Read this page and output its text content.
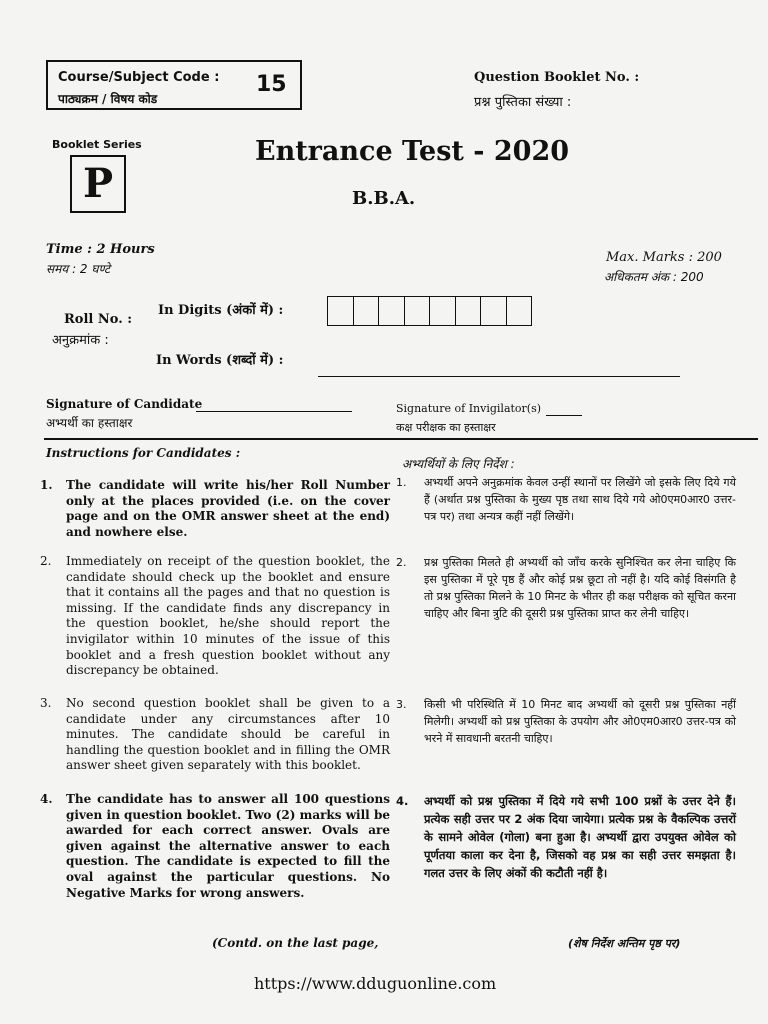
Course/Subject Code :
पाठ्यक्रम / विषय कोड
15	Question Booklet No. :
प्रश्न पुस्तिका संख्या :
Booklet Series
P
Entrance Test - 2020
B.B.A.
Time : 2 Hours
समय : 2 घण्टे
Max. Marks : 200
अधिकतम अंक : 200
Roll No. :
अनुक्रमांक :
In Digits (अंकों में) :
In Words (शब्दों में) :
Signature of Candidate
अभ्यर्थी का हस्ताक्षर
Signature of Invigilator(s)
कक्ष परीक्षक का हस्ताक्षर
Instructions for Candidates :
अभ्यर्थियों के लिए निर्देश :
1. The candidate will write his/her Roll Number only at the places provided (i.e. on the cover page and on the OMR answer sheet at the end) and nowhere else.
2. Immediately on receipt of the question booklet, the candidate should check up the booklet and ensure that it contains all the pages and that no question is missing. If the candidate finds any discrepancy in the question booklet, he/she should report the invigilator within 10 minutes of the issue of this booklet and a fresh question booklet without any discrepancy be obtained.
3. No second question booklet shall be given to a candidate under any circumstances after 10 minutes. The candidate should be careful in handling the question booklet and in filling the OMR answer sheet given separately with this booklet.
4. The candidate has to answer all 100 questions given in question booklet. Two (2) marks will be awarded for each correct answer. Ovals are given against the alternative answer to each question. The candidate is expected to fill the oval against the particular questions. No Negative Marks for wrong answers.
1. अभ्यर्थी अपने अनुक्रमांक केवल उन्हीं स्थानों पर लिखेंगे जो इसके लिए दिये गये हैं (अर्थात प्रश्न पुस्तिका के मुख्य पृष्ठ तथा साथ दिये गये ओ0एम0आर0 उत्तर-पत्र पर) तथा अन्यत्र कहीं नहीं लिखेंगे।
2. प्रश्न पुस्तिका मिलते ही अभ्यर्थी को जाँच करके सुनिश्चित कर लेना चाहिए कि इस पुस्तिका में पूरे पृष्ठ हैं और कोई प्रश्न छूटा तो नहीं है। यदि कोई विसंगति है तो प्रश्न पुस्तिका मिलने के 10 मिनट के भीतर ही कक्ष परीक्षक को सूचित करना चाहिए और बिना त्रुटि की दूसरी प्रश्न पुस्तिका प्राप्त कर लेनी चाहिए।
3. किसी भी परिस्थिति में 10 मिनट बाद अभ्यर्थी को दूसरी प्रश्न पुस्तिका नहीं मिलेगी। अभ्यर्थी को प्रश्न पुस्तिका के उपयोग और ओ0एम0आर0 उत्तर-पत्र को भरने में सावधानी बरतनी चाहिए।
4. अभ्यर्थी को प्रश्न पुस्तिका में दिये गये सभी 100 प्रश्नों के उत्तर देने हैं। प्रत्येक सही उत्तर पर 2 अंक दिया जायेगा। प्रत्येक प्रश्न के वैकल्पिक उत्तरों के सामने ओवेल (गोला) बना हुआ है। अभ्यर्थी द्वारा उपयुक्त ओवेल को पूर्णतया काला कर देना है, जिसको वह प्रश्न का सही उत्तर समझता है। गलत उत्तर के लिए अंकों की कटौती नहीं है।
(Contd. on the last page,	(शेष निर्देश अन्तिम पृष्ठ पर)
https://www.dduguonline.com
